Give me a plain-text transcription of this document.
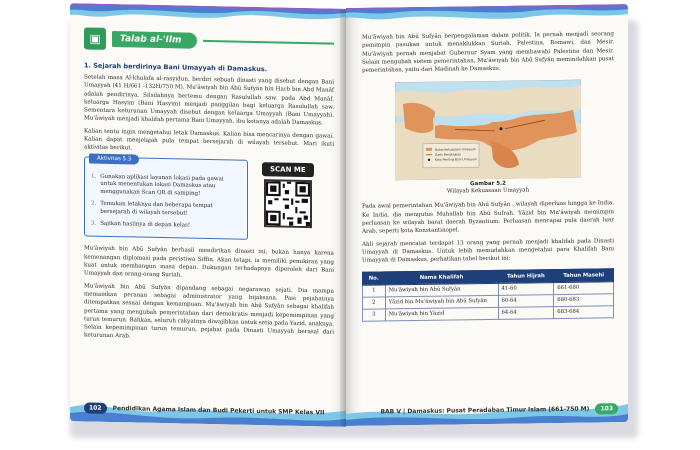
▣	Talab al-'Ilm
1. Sejarah berdirinya Bani Umayyah di Damaskus.

Setelah masa Al-khulafa al-rasyidun, berdiri sebuah dinasti yang disebut dengan Bani Umayyah (41 H/661 -132H/750 M). Mu'āwiyah bin Abū Sufyān bin Harb bin Abd Manāf adalah pendirinya. Silsilahnya bertemu dengan Rasulullah saw. pada Abd Manāf. keluarga Hasyim (Bani Hasyim) menjadi panggilan bagi keluarga Rasulullah saw. Sementara keturunan Umayyah disebut dengan keluarga Umayyah (Bani Umayyah). Mu'āwiyah menjadi khalifah pertama Bani Umayyah. ibu kotanya adalah Damaskus.

Kalian tentu ingin mengetahui letak Damaskus. Kalian bisa mencarinya dengan gawai. Kalian dapat menjelajah pula tempat bersejarah di wilayah tersebut. Mari ikuti aktivitas berikut.

Aktivitas 5.3
1. Gunakan aplikasi layanan lokasi pada gawai untuk menentukan lokasi Damaskus atau menggunakan Scan QR di samping!
2. Temukan letaknya dan beberapa tempat bersejarah di wilayah tersebut!
3. Sajikan hasilnya di depan kelas!
SCAN ME

Mu'āwiyah bin Abū Sufyān berhasil mendirikan dinasti ini, bukan hanya karena kemenangan diplomasi pada peristiwa Siffin. Akan tetapi, ia memiliki pemikiran yang kuat untuk membangun masa depan. Dukungan terhadapnya diperoleh dari Bani Umayyah dan orang-orang Suriah.

Mu'āwiyah bin Abū Sufyān dipandang sebagai negarawan sejati. Dia mampu memainkan peranan sebagai administrator yang bijaksana. Pasi pejabatnya ditempatkan sesuai dengan kemampuan. Mu'āwiyah bin Abū Sufyān sebagai khalifah pertama yang mengubah pemerintahan dari demokratis menjadi kepemimpinan yang turun temurun. Bahkan, seluruh rakyatnya diwajibkan untuk setia pada Yazid, anaknya. Selain kepemimpinan turun temurun, pejabat pada Dinasti Umayyah berasal dari keturunan Arab.

102 Pendidikan Agama Islam dan Budi Pekerti untuk SMP Kelas VII

Mu'āwiyah bin Abū Sufyān berpengalaman dalam politik. Ia pernah menjadi seorang pemimpin pasukan untuk menaklukkan Suriah, Palestina, Romawi, dan Mesir. Mu'āwiyah pernah menjabat Gubernur Syam yang membawahi Palestina dan Mesir. Selain mengubah sistem pemerintahan, Mu'āwiyah bin Abū Sufyān memindahkan pusat pemerintahan, yaitu dari Madinah ke Damaskus.

Batas Kekuasaan Umayyah
Garis Penaklukan
Kota Penting Bani Umayyah
Gambar 5.2
Wilayah Kekuasaan Umayyah

Pada awal pemerintahan Mu'āwiyah bin Abū Sufyān , wilayah diperluas hingga ke India. Ke India, dia mengutus Muhallab bin Abū Sufrah. Yāzid bin Mu'āwiyah memimpin perluasan ke wilayah barat daerah Byzantium. Perluasan mencapai pula daerah luar Arab, seperti kota Konstantinopel.

Ahli sejarah mencatat terdapat 13 orang yang pernah menjadi khalifah pada Dinasti Umayyah di Damaskus. Untuk lebih memudahkan mengetahui para Khalifah Bani Umayyah di Damaskus, perhatikan tabel berikut ini:

No.	Nama Khalifah	Tahun Hijrah	Tahun Masehi
1	Mu'āwiyah bin Abū Sufyān	41-60	661-680
2	Yāzid bin Mu'āwiyah bin Abū Sufyān	60-64	680-683
3	Mu'āwiyah bin Yāzid	64-64	683-684
BAB V | Damaskus: Pusat Peradaban Timur Islam (661-750 M) 103
